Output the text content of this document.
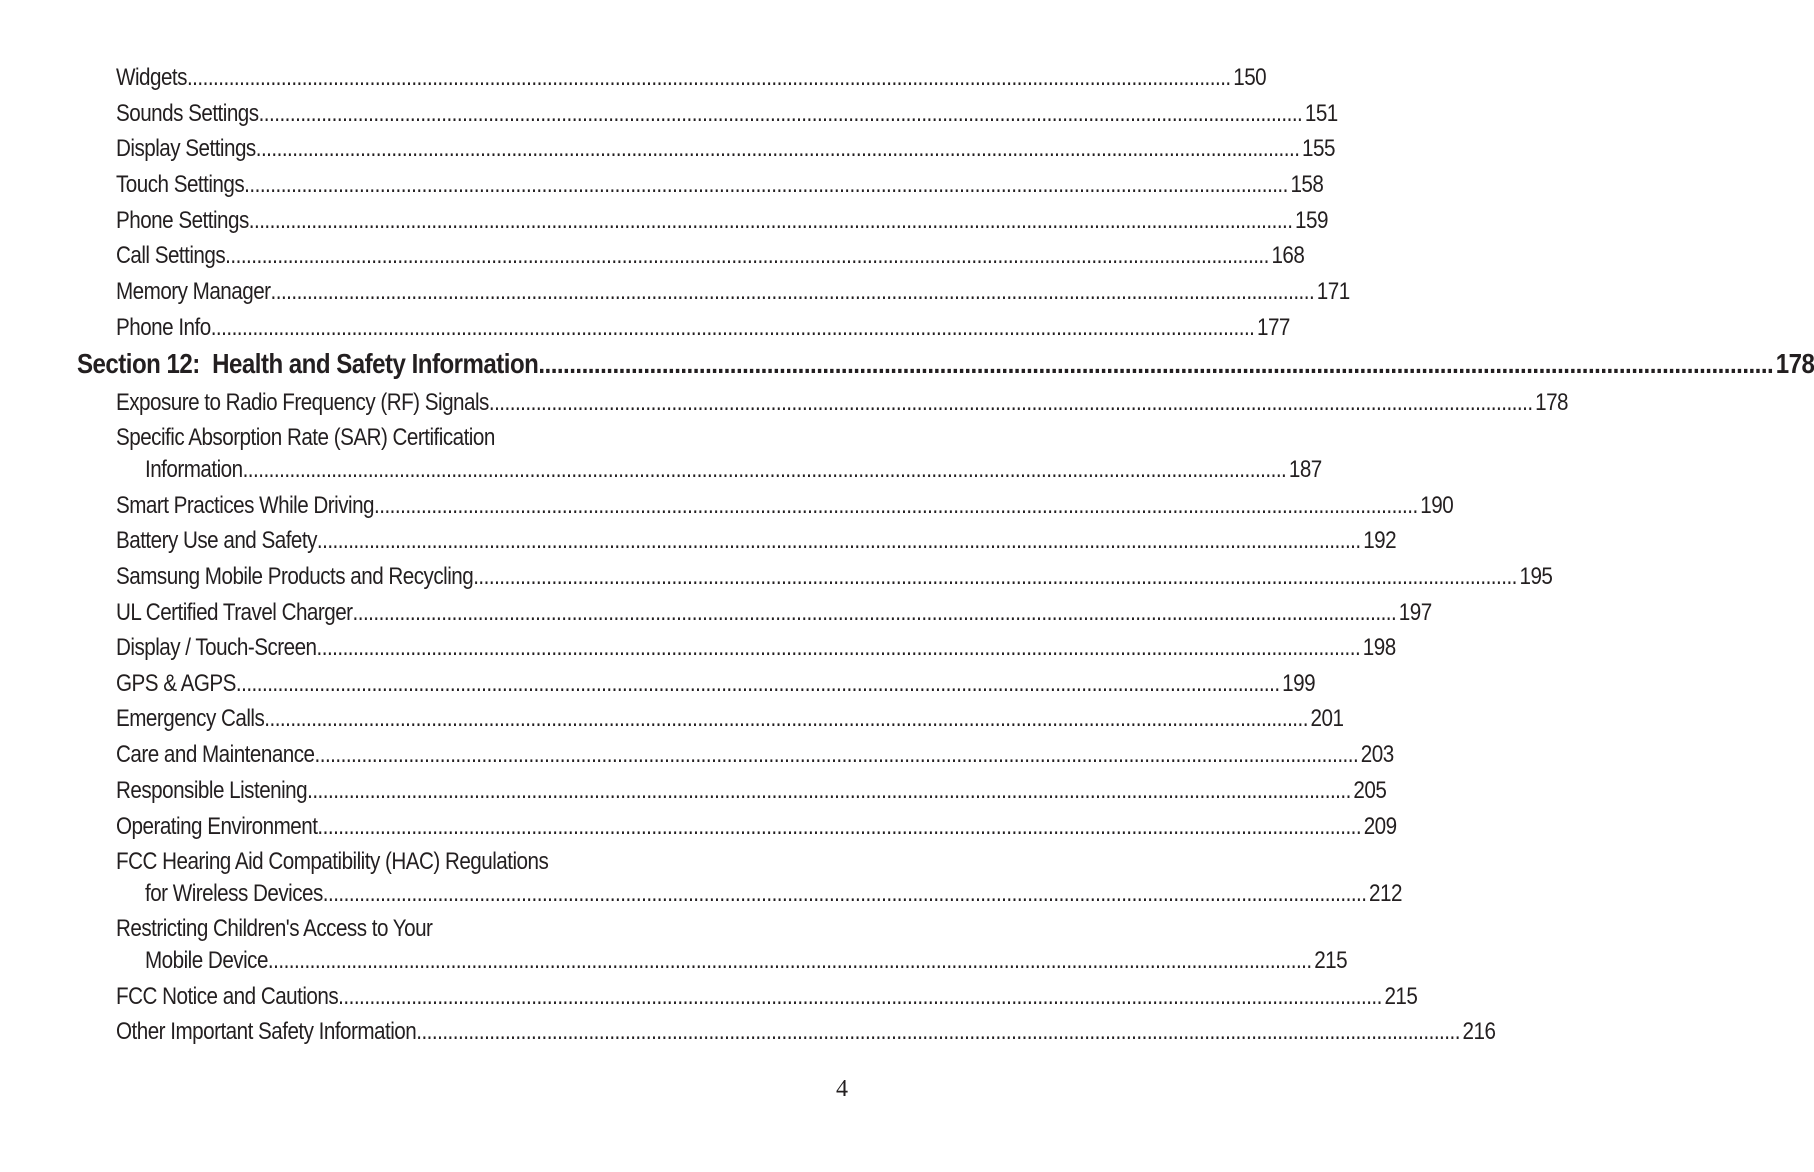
Widgets ........................................................................................................................................................................................................ 150
Sounds Settings ........................................................................................................................................................................................................ 151
Display Settings ........................................................................................................................................................................................................ 155
Touch Settings ........................................................................................................................................................................................................ 158
Phone Settings ........................................................................................................................................................................................................ 159
Call Settings ........................................................................................................................................................................................................ 168
Memory Manager ........................................................................................................................................................................................................ 171
Phone Info ........................................................................................................................................................................................................ 177
Section 12:  Health and Safety Information ........................................................................................................................................................................................................ 178
Exposure to Radio Frequency (RF) Signals ........................................................................................................................................................................................................ 178
Specific Absorption Rate (SAR) Certification
Information ........................................................................................................................................................................................................ 187
Smart Practices While Driving ........................................................................................................................................................................................................ 190
Battery Use and Safety ........................................................................................................................................................................................................ 192
Samsung Mobile Products and Recycling ........................................................................................................................................................................................................ 195
UL Certified Travel Charger ........................................................................................................................................................................................................ 197
Display / Touch-Screen ........................................................................................................................................................................................................ 198
GPS & AGPS ........................................................................................................................................................................................................ 199
Emergency Calls ........................................................................................................................................................................................................ 201
Care and Maintenance ........................................................................................................................................................................................................ 203
Responsible Listening ........................................................................................................................................................................................................ 205
Operating Environment ........................................................................................................................................................................................................ 209
FCC Hearing Aid Compatibility (HAC) Regulations
for Wireless Devices ........................................................................................................................................................................................................ 212
Restricting Children's Access to Your
Mobile Device ........................................................................................................................................................................................................ 215
FCC Notice and Cautions ........................................................................................................................................................................................................ 215
Other Important Safety Information ........................................................................................................................................................................................................ 216
4
